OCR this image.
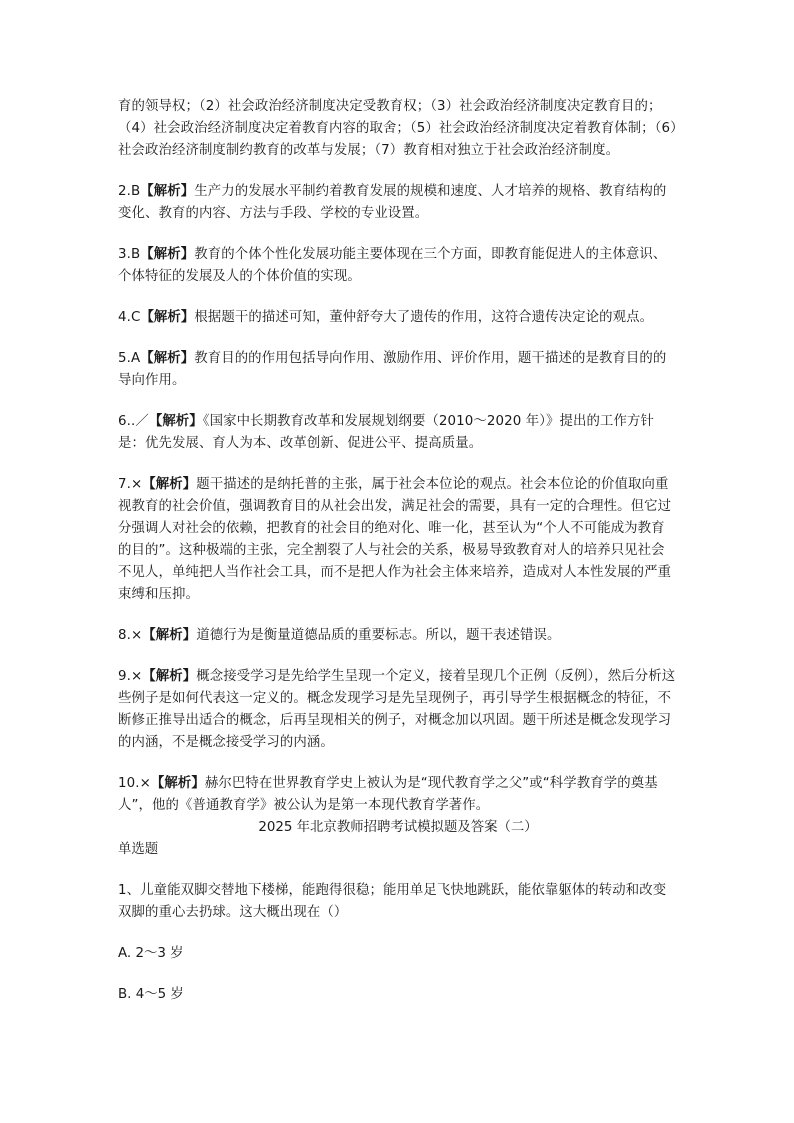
育的领导权；（2）社会政治经济制度决定受教育权；（3）社会政治经济制度决定教育目的；（4）社会政治经济制度决定着教育内容的取舍；（5）社会政治经济制度决定着教育体制；（6）社会政治经济制度制约教育的改革与发展；（7）教育相对独立于社会政治经济制度。

2.B【解析】生产力的发展水平制约着教育发展的规模和速度、人才培养的规格、教育结构的变化、教育的内容、方法与手段、学校的专业设置。

3.B【解析】教育的个体个性化发展功能主要体现在三个方面，即教育能促进人的主体意识、个体特征的发展及人的个体价值的实现。

4.C【解析】根据题干的描述可知，董仲舒夸大了遗传的作用，这符合遗传决定论的观点。

5.A【解析】教育目的的作用包括导向作用、激励作用、评价作用，题干描述的是教育目的的导向作用。

6..／【解析】《国家中长期教育改革和发展规划纲要（2010～2020 年）》提出的工作方针是：优先发展、育人为本、改革创新、促进公平、提高质量。

7.×【解析】题干描述的是纳托普的主张，属于社会本位论的观点。社会本位论的价值取向重视教育的社会价值，强调教育目的从社会出发，满足社会的需要，具有一定的合理性。但它过分强调人对社会的依赖，把教育的社会目的绝对化、唯一化，甚至认为“个人不可能成为教育的目的”。这种极端的主张，完全割裂了人与社会的关系，极易导致教育对人的培养只见社会不见人，单纯把人当作社会工具，而不是把人作为社会主体来培养，造成对人本性发展的严重束缚和压抑。

8.×【解析】道德行为是衡量道德品质的重要标志。所以，题干表述错误。

9.×【解析】概念接受学习是先给学生呈现一个定义，接着呈现几个正例（反例），然后分析这些例子是如何代表这一定义的。概念发现学习是先呈现例子，再引导学生根据概念的特征，不断修正推导出适合的概念，后再呈现相关的例子，对概念加以巩固。题干所述是概念发现学习的内涵，不是概念接受学习的内涵。

10.×【解析】赫尔巴特在世界教育学史上被认为是“现代教育学之父”或“科学教育学的奠基人”，他的《普通教育学》被公认为是第一本现代教育学著作。

2025 年北京教师招聘考试模拟题及答案（二）

单选题

1、儿童能双脚交替地下楼梯，能跑得很稳；能用单足飞快地跳跃，能依靠躯体的转动和改变双脚的重心去扔球。这大概出现在（）

A. 2～3 岁

B. 4～5 岁
